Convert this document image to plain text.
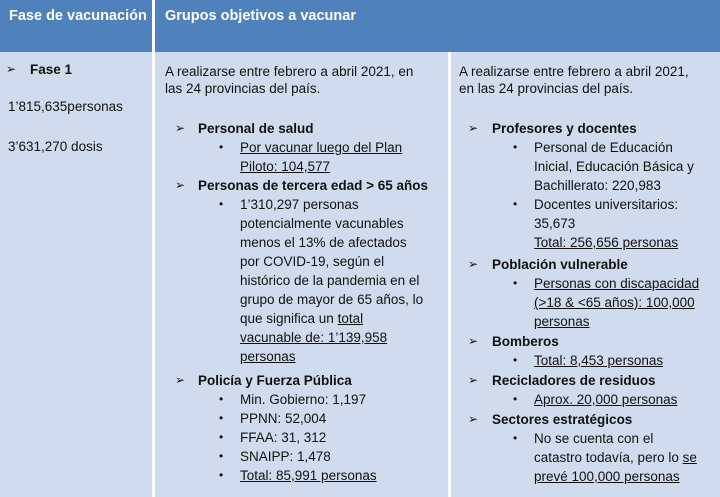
Fase de vacunación Grupos objetivos a vacunar
➢ Fase 1
1’815,635personas
3’631,270 dosis
A realizarse entre febrero a abril 2021, en
las 24 provincias del país.
➢ Personal de salud
• Por vacunar luego del Plan
Piloto: 104,577
➢ Personas de tercera edad > 65 años
• 1’310,297 personas
potencialmente vacunables
menos el 13% de afectados
por COVID-19, según el
histórico de la pandemia en el
grupo de mayor de 65 años, lo
que significa un total
vacunable de: 1’139,958
personas
➢ Policía y Fuerza Pública
• Min. Gobierno: 1,197
• PPNN: 52,004
• FFAA: 31, 312
• SNAIPP: 1,478
• Total: 85,991 personas
A realizarse entre febrero a abril 2021,
en las 24 provincias del país.
➢ Profesores y docentes
• Personal de Educación
Inicial, Educación Básica y
Bachillerato: 220,983
• Docentes universitarios:
35,673
Total: 256,656 personas
➢ Población vulnerable
• Personas con discapacidad
(>18 & <65 años): 100,000
personas
➢ Bomberos
• Total: 8,453 personas
➢ Recicladores de residuos
• Aprox. 20,000 personas
➢ Sectores estratégicos
• No se cuenta con el
catastro todavía, pero lo se
prevé 100,000 personas
